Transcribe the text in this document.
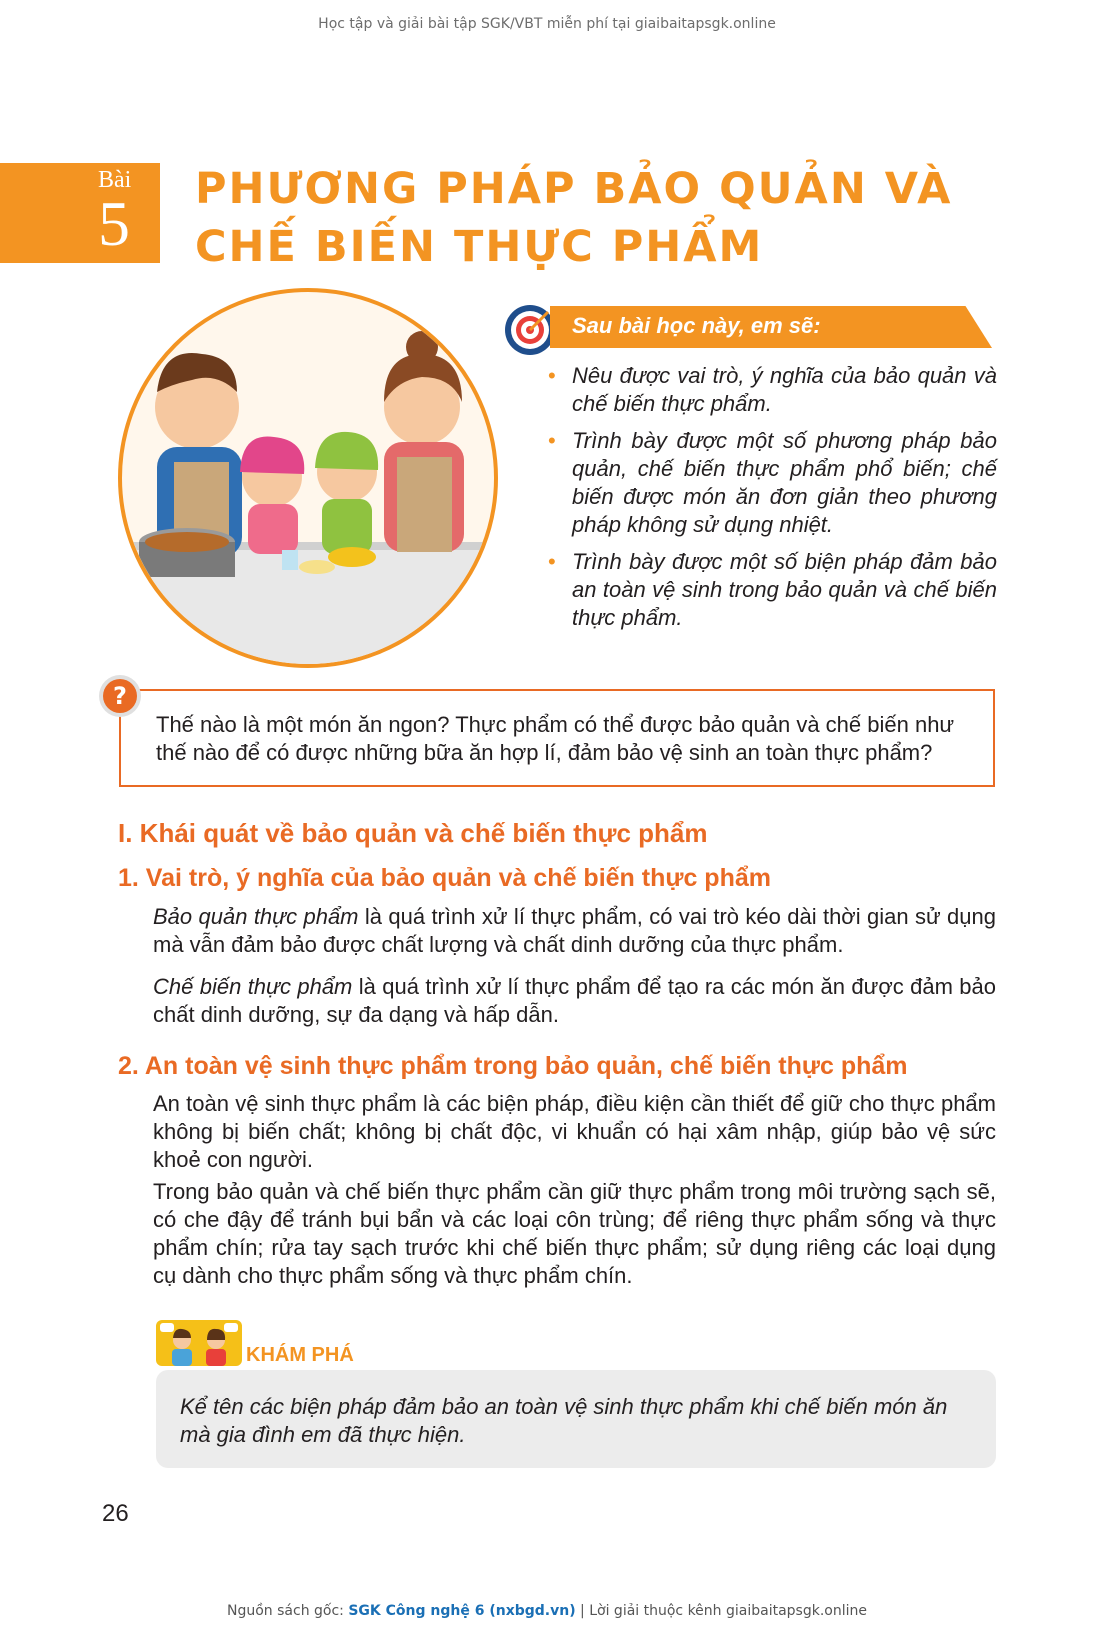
Học tập và giải bài tập SGK/VBT miễn phí tại giaibaitapsgk.online
Bài
5 PHƯƠNG PHÁP BẢO QUẢN VÀ
CHẾ BIẾN THỰC PHẨM
Sau bài học này, em sẽ:
• Nêu được vai trò, ý nghĩa của bảo quản và chế biến thực phẩm.
• Trình bày được một số phương pháp bảo quản, chế biến thực phẩm phổ biến; chế biến được món ăn đơn giản theo phương pháp không sử dụng nhiệt.
• Trình bày được một số biện pháp đảm bảo an toàn vệ sinh trong bảo quản và chế biến thực phẩm.
?
Thế nào là một món ăn ngon? Thực phẩm có thể được bảo quản và chế biến như thế nào để có được những bữa ăn hợp lí, đảm bảo vệ sinh an toàn thực phẩm?
I. Khái quát về bảo quản và chế biến thực phẩm
1. Vai trò, ý nghĩa của bảo quản và chế biến thực phẩm
Bảo quản thực phẩm là quá trình xử lí thực phẩm, có vai trò kéo dài thời gian sử dụng mà vẫn đảm bảo được chất lượng và chất dinh dưỡng của thực phẩm.
Chế biến thực phẩm là quá trình xử lí thực phẩm để tạo ra các món ăn được đảm bảo chất dinh dưỡng, sự đa dạng và hấp dẫn.
2. An toàn vệ sinh thực phẩm trong bảo quản, chế biến thực phẩm
An toàn vệ sinh thực phẩm là các biện pháp, điều kiện cần thiết để giữ cho thực phẩm không bị biến chất; không bị chất độc, vi khuẩn có hại xâm nhập, giúp bảo vệ sức khoẻ con người.
Trong bảo quản và chế biến thực phẩm cần giữ thực phẩm trong môi trường sạch sẽ, có che đậy để tránh bụi bẩn và các loại côn trùng; để riêng thực phẩm sống và thực phẩm chín; rửa tay sạch trước khi chế biến thực phẩm; sử dụng riêng các loại dụng cụ dành cho thực phẩm sống và thực phẩm chín.
KHÁM PHÁ
Kể tên các biện pháp đảm bảo an toàn vệ sinh thực phẩm khi chế biến món ăn mà gia đình em đã thực hiện.
26
Nguồn sách gốc: SGK Công nghệ 6 (nxbgd.vn) | Lời giải thuộc kênh giaibaitapsgk.online
